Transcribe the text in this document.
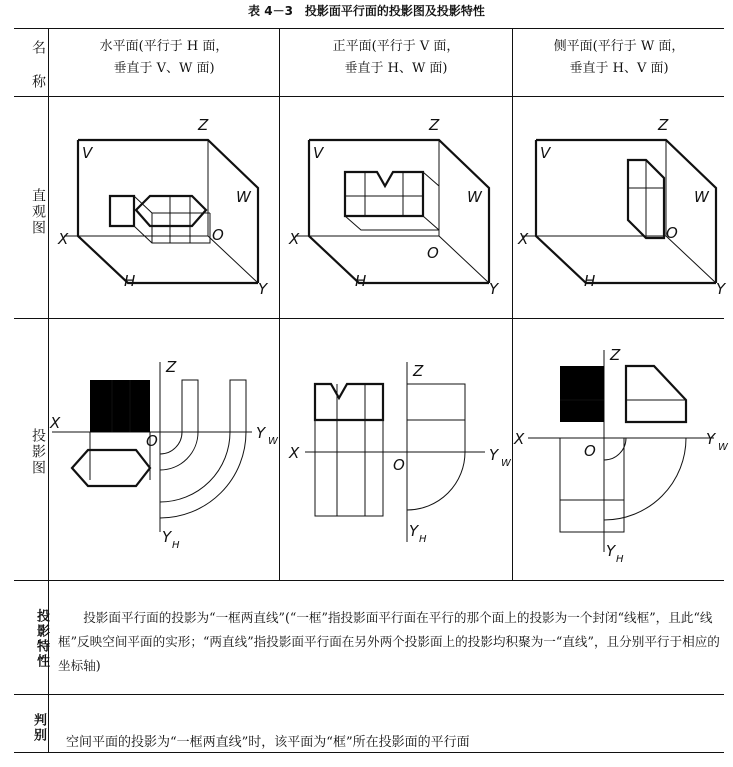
表 4－3　投影面平行面的投影图及投影特性
名 称	水平面(平行于 H 面，
垂直于 V、W 面)
正平面(平行于 V 面，
垂直于 H、W 面)
侧平面(平行于 W 面，
垂直于 H、V 面)
直观图
投影图
投影特性
判别
投影面平行面的投影为“一框两直线”(“一框”指投影面平行面在平行的那个面上的投影为一个封闭“线框”，且此“线框”反映空间平面的实形；“两直线”指投影面平行面在另外两个投影面上的投影均积聚为一“直线”，且分别平行于相应的坐标轴)
空间平面的投影为“一框两直线”时，该平面为“框”所在投影面的平行面
V
Z
W
X
H
O
Y
V
Z
W
X
H
O
Y
V
Z
W
X
H
O
Y
X
Z
O	Y W
Y H
X
Z
O
Y W
Y H
X
Z
O
Y W
Y H
